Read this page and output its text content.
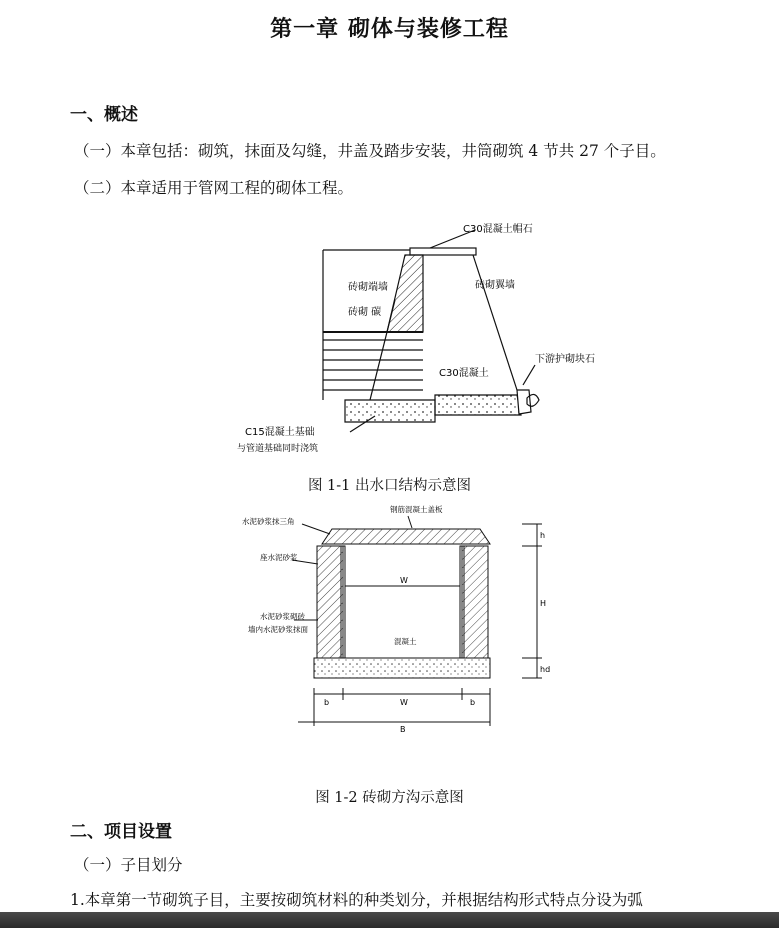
第一章 砌体与装修工程
一、概述
（一）本章包括：砌筑，抹面及勾缝，井盖及踏步安装，井筒砌筑 4 节共 27 个子目。
（二）本章适用于管网工程的砌体工程。
C30混凝土帽石
砖砌端墙	砖砌翼墙
砖砌 碳
C30混凝土
下游护砌块石
C15混凝土基础
与管道基础同时浇筑
图 1-1 出水口结构示意图
水泥砂浆抹三角
座水泥砂浆
水泥砂浆砌砖
墙内水泥砂浆抹面
钢筋混凝土盖板
混凝土
W
h
H
hd
b	W	b
B
图 1-2 砖砌方沟示意图
二、项目设置
（一）子目划分
1.本章第一节砌筑子目，主要按砌筑材料的种类划分，并根据结构形式特点分设为弧
